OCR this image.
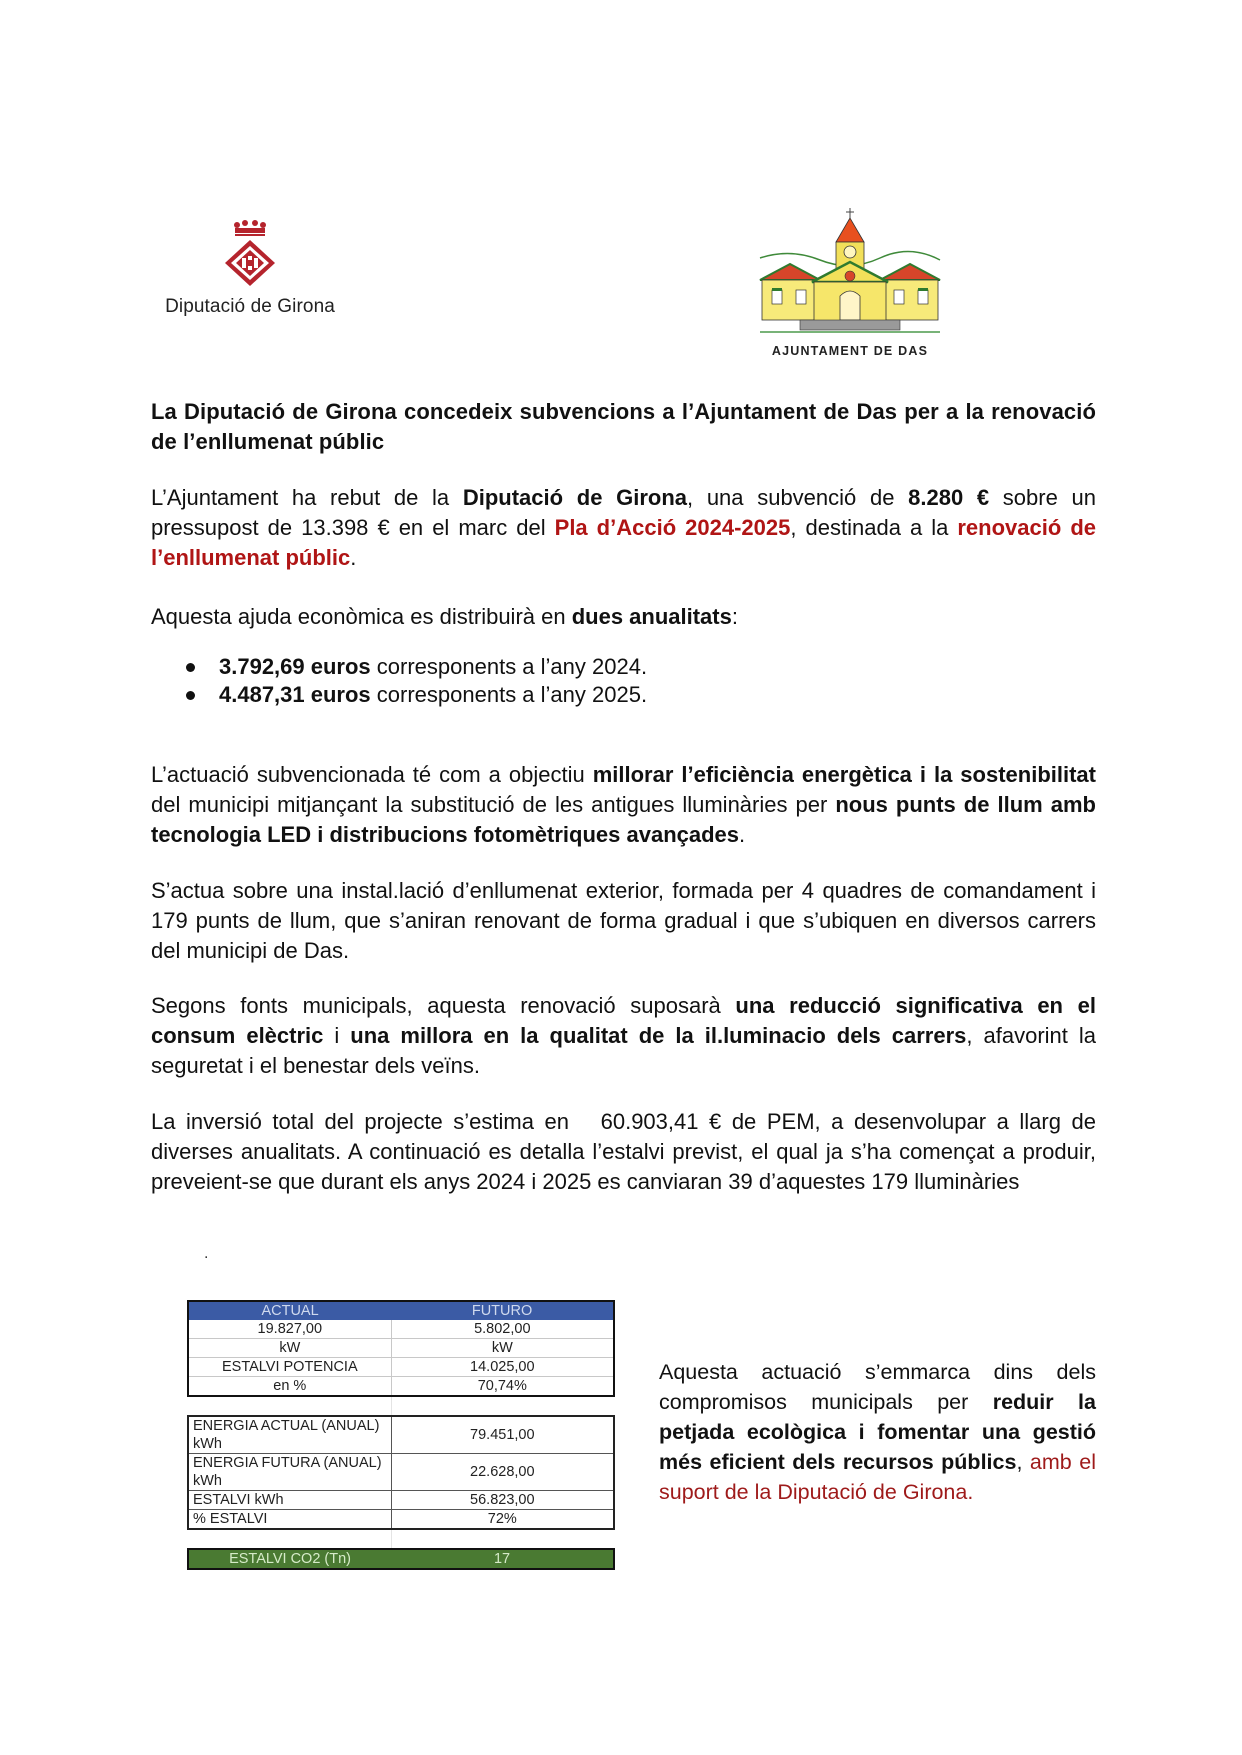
Diputació de Girona
AJUNTAMENT DE DAS

La Diputació de Girona concedeix subvencions a l’Ajuntament de Das per a la renovació de l’enllumenat públic

L’Ajuntament ha rebut de la Diputació de Girona, una subvenció de 8.280 € sobre un pressupost de 13.398 € en el marc del Pla d’Acció 2024-2025, destinada a la renovació de l’enllumenat públic.

Aquesta ajuda econòmica es distribuirà en dues anualitats:

3.792,69 euros corresponents a l’any 2024.
4.487,31 euros corresponents a l’any 2025.

L’actuació subvencionada té com a objectiu millorar l’eficiència energètica i la sostenibilitat del municipi mitjançant la substitució de les antigues lluminàries per nous punts de llum amb tecnologia LED i distribucions fotomètriques avançades.

S’actua sobre una instal.lació d’enllumenat exterior, formada per 4 quadres de comandament i 179 punts de llum, que s’aniran renovant de forma gradual i que s’ubiquen en diversos carrers del municipi de Das.

Segons fonts municipals, aquesta renovació suposarà una reducció significativa en el consum elèctric i una millora en la qualitat de la il.luminacio dels carrers, afavorint la seguretat i el benestar dels veïns.

La inversió total del projecte s’estima en   60.903,41 € de PEM, a desenvolupar a llarg de diverses anualitats. A continuació es detalla l’estalvi previst, el qual ja s’ha començat a produir, preveient-se que durant els anys 2024 i 2025 es canviaran 39 d’aquestes 179 lluminàries

.
ACTUAL	FUTURO
19.827,00	5.802,00
kW	kW
ESTALVI POTENCIA	14.025,00
en %	70,74%

ENERGIA ACTUAL (ANUAL) kWh	79.451,00
ENERGIA FUTURA (ANUAL) kWh	22.628,00
ESTALVI kWh	56.823,00
% ESTALVI	72%

ESTALVI CO2 (Tn)	17

Aquesta actuació s’emmarca dins dels compromisos municipals per reduir la petjada ecològica i fomentar una gestió més eficient dels recursos públics, amb el suport de la Diputació de Girona.
